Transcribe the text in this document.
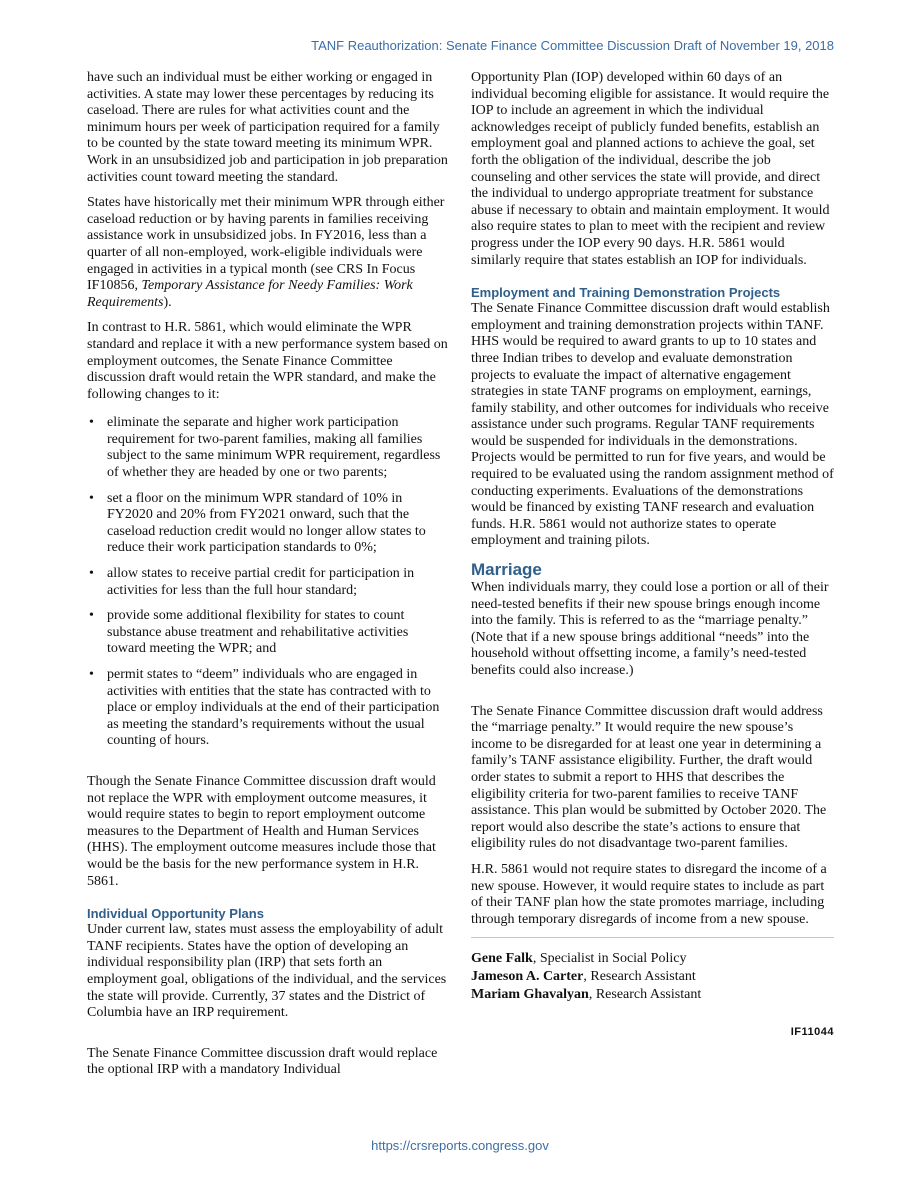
TANF Reauthorization: Senate Finance Committee Discussion Draft of November 19, 2018

have such an individual must be either working or engaged in activities. A state may lower these percentages by reducing its caseload. There are rules for what activities count and the minimum hours per week of participation required for a family to be counted by the state toward meeting its minimum WPR. Work in an unsubsidized job and participation in job preparation activities count toward meeting the standard.

States have historically met their minimum WPR through either caseload reduction or by having parents in families receiving assistance work in unsubsidized jobs. In FY2016, less than a quarter of all non-employed, work-eligible individuals were engaged in activities in a typical month (see CRS In Focus IF10856, Temporary Assistance for Needy Families: Work Requirements).

In contrast to H.R. 5861, which would eliminate the WPR standard and replace it with a new performance system based on employment outcomes, the Senate Finance Committee discussion draft would retain the WPR standard, and make the following changes to it:

• eliminate the separate and higher work participation requirement for two-parent families, making all families subject to the same minimum WPR requirement, regardless of whether they are headed by one or two parents;
• set a floor on the minimum WPR standard of 10% in FY2020 and 20% from FY2021 onward, such that the caseload reduction credit would no longer allow states to reduce their work participation standards to 0%;
• allow states to receive partial credit for participation in activities for less than the full hour standard;
• provide some additional flexibility for states to count substance abuse treatment and rehabilitative activities toward meeting the WPR; and
• permit states to “deem” individuals who are engaged in activities with entities that the state has contracted with to place or employ individuals at the end of their participation as meeting the standard’s requirements without the usual counting of hours.

Though the Senate Finance Committee discussion draft would not replace the WPR with employment outcome measures, it would require states to begin to report employment outcome measures to the Department of Health and Human Services (HHS). The employment outcome measures include those that would be the basis for the new performance system in H.R. 5861.

Individual Opportunity Plans

Under current law, states must assess the employability of adult TANF recipients. States have the option of developing an individual responsibility plan (IRP) that sets forth an employment goal, obligations of the individual, and the services the state will provide. Currently, 37 states and the District of Columbia have an IRP requirement.

The Senate Finance Committee discussion draft would replace the optional IRP with a mandatory Individual

Opportunity Plan (IOP) developed within 60 days of an individual becoming eligible for assistance. It would require the IOP to include an agreement in which the individual acknowledges receipt of publicly funded benefits, establish an employment goal and planned actions to achieve the goal, set forth the obligation of the individual, describe the job counseling and other services the state will provide, and direct the individual to undergo appropriate treatment for substance abuse if necessary to obtain and maintain employment. It would also require states to plan to meet with the recipient and review progress under the IOP every 90 days. H.R. 5861 would similarly require that states establish an IOP for individuals.

Employment and Training Demonstration Projects

The Senate Finance Committee discussion draft would establish employment and training demonstration projects within TANF. HHS would be required to award grants to up to 10 states and three Indian tribes to develop and evaluate demonstration projects to evaluate the impact of alternative engagement strategies in state TANF programs on employment, earnings, family stability, and other outcomes for individuals who receive assistance under such programs. Regular TANF requirements would be suspended for individuals in the demonstrations. Projects would be permitted to run for five years, and would be required to be evaluated using the random assignment method of conducting experiments. Evaluations of the demonstrations would be financed by existing TANF research and evaluation funds. H.R. 5861 would not authorize states to operate employment and training pilots.

Marriage

When individuals marry, they could lose a portion or all of their need-tested benefits if their new spouse brings enough income into the family. This is referred to as the “marriage penalty.” (Note that if a new spouse brings additional “needs” into the household without offsetting income, a family’s need-tested benefits could also increase.)

The Senate Finance Committee discussion draft would address the “marriage penalty.” It would require the new spouse’s income to be disregarded for at least one year in determining a family’s TANF assistance eligibility. Further, the draft would order states to submit a report to HHS that describes the eligibility criteria for two-parent families to receive TANF assistance. This plan would be submitted by October 2020. The report would also describe the state’s actions to ensure that eligibility rules do not disadvantage two-parent families.

H.R. 5861 would not require states to disregard the income of a new spouse. However, it would require states to include as part of their TANF plan how the state promotes marriage, including through temporary disregards of income from a new spouse.

Gene Falk, Specialist in Social Policy
Jameson A. Carter, Research Assistant
Mariam Ghavalyan, Research Assistant
IF11044
https://crsreports.congress.gov
